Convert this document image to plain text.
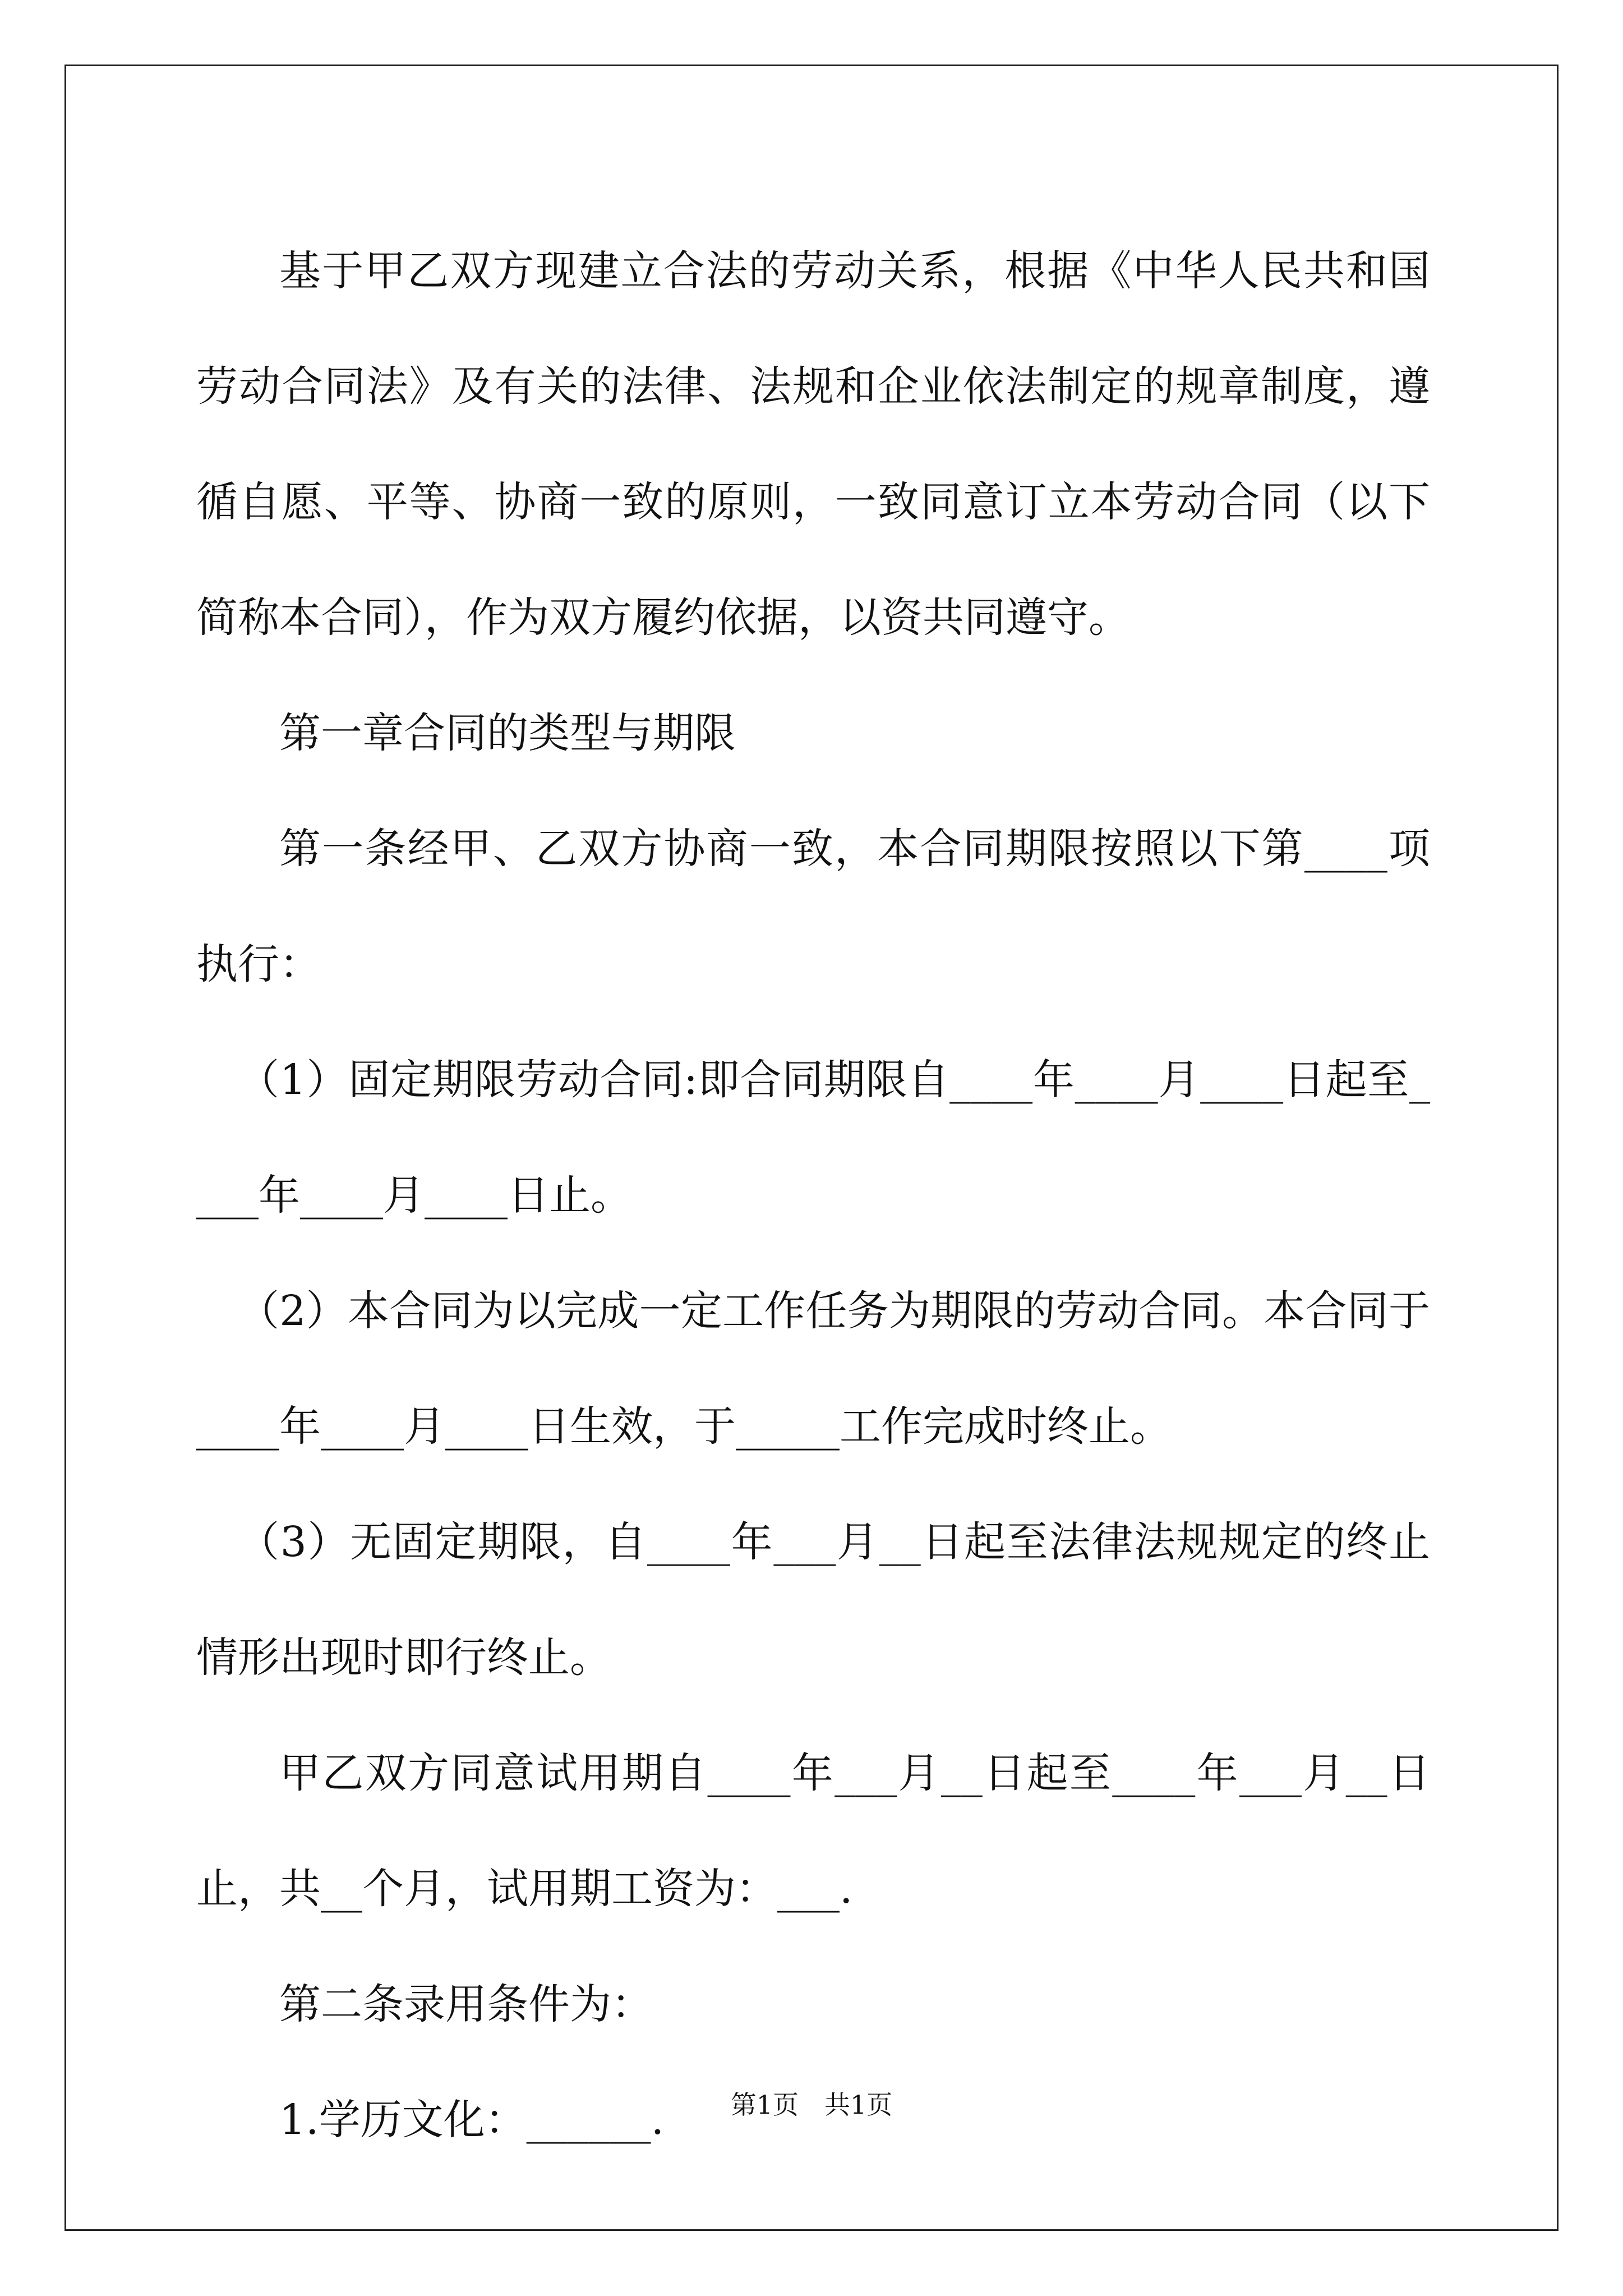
基于甲乙双方现建立合法的劳动关系，根据《中华人民共和国劳动合同法》及有关的法律、法规和企业依法制定的规章制度，遵循自愿、平等、协商一致的原则，一致同意订立本劳动合同（以下简称本合同），作为双方履约依据，以资共同遵守。

第一章合同的类型与期限

第一条经甲、乙双方协商一致，本合同期限按照以下第____项执行：

（1）固定期限劳动合同:即合同期限自____年____月____日起至____年____月____日止。

（2）本合同为以完成一定工作任务为期限的劳动合同。本合同于____年____月____日生效，于_____工作完成时终止。

（3）无固定期限，自____年___月__日起至法律法规规定的终止情形出现时即行终止。

甲乙双方同意试用期自____年___月__日起至____年___月__日止，共__个月，试用期工资为：___.

第二条录用条件为：

1.学历文化：______.	第1页　共1页
